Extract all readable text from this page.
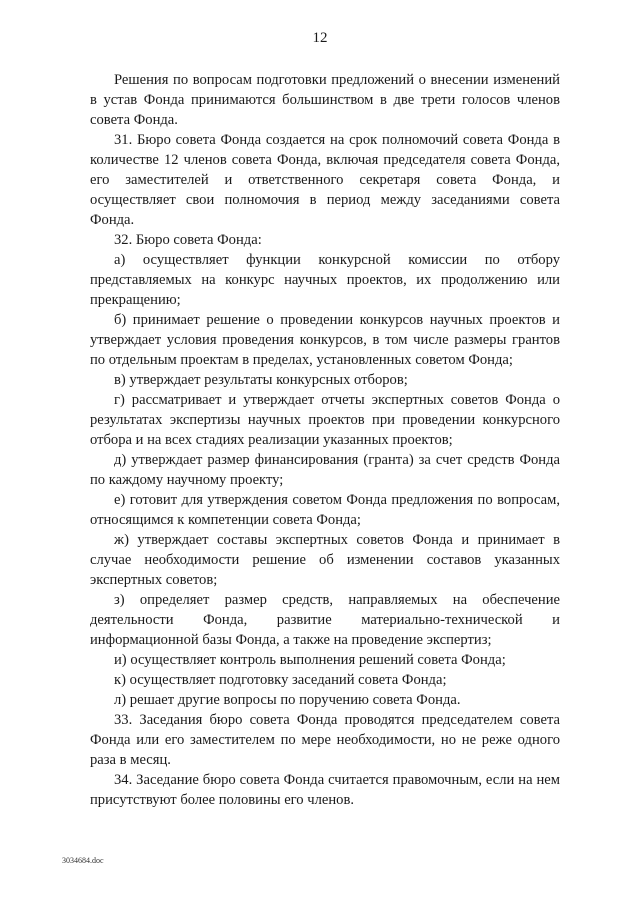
12

Решения по вопросам подготовки предложений о внесении изменений в устав Фонда принимаются большинством в две трети голосов членов совета Фонда.

31. Бюро совета Фонда создается на срок полномочий совета Фонда в количестве 12 членов совета Фонда, включая председателя совета Фонда, его заместителей и ответственного секретаря совета Фонда, и осуществляет свои полномочия в период между заседаниями совета Фонда.

32. Бюро совета Фонда:

а) осуществляет функции конкурсной комиссии по отбору представляемых на конкурс научных проектов, их продолжению или прекращению;

б) принимает решение о проведении конкурсов научных проектов и утверждает условия проведения конкурсов, в том числе размеры грантов по отдельным проектам в пределах, установленных советом Фонда;

в) утверждает результаты конкурсных отборов;

г) рассматривает и утверждает отчеты экспертных советов Фонда о результатах экспертизы научных проектов при проведении конкурсного отбора и на всех стадиях реализации указанных проектов;

д) утверждает размер финансирования (гранта) за счет средств Фонда по каждому научному проекту;

е) готовит для утверждения советом Фонда предложения по вопросам, относящимся к компетенции совета Фонда;

ж) утверждает составы экспертных советов Фонда и принимает в случае необходимости решение об изменении составов указанных экспертных советов;

з) определяет размер средств, направляемых на обеспечение деятельности Фонда, развитие материально-технической и информационной базы Фонда, а также на проведение экспертиз;

и) осуществляет контроль выполнения решений совета Фонда;

к) осуществляет подготовку заседаний совета Фонда;

л) решает другие вопросы по поручению совета Фонда.

33. Заседания бюро совета Фонда проводятся председателем совета Фонда или его заместителем по мере необходимости, но не реже одного раза в месяц.

34. Заседание бюро совета Фонда считается правомочным, если на нем присутствуют более половины его членов.

3034684.doc
